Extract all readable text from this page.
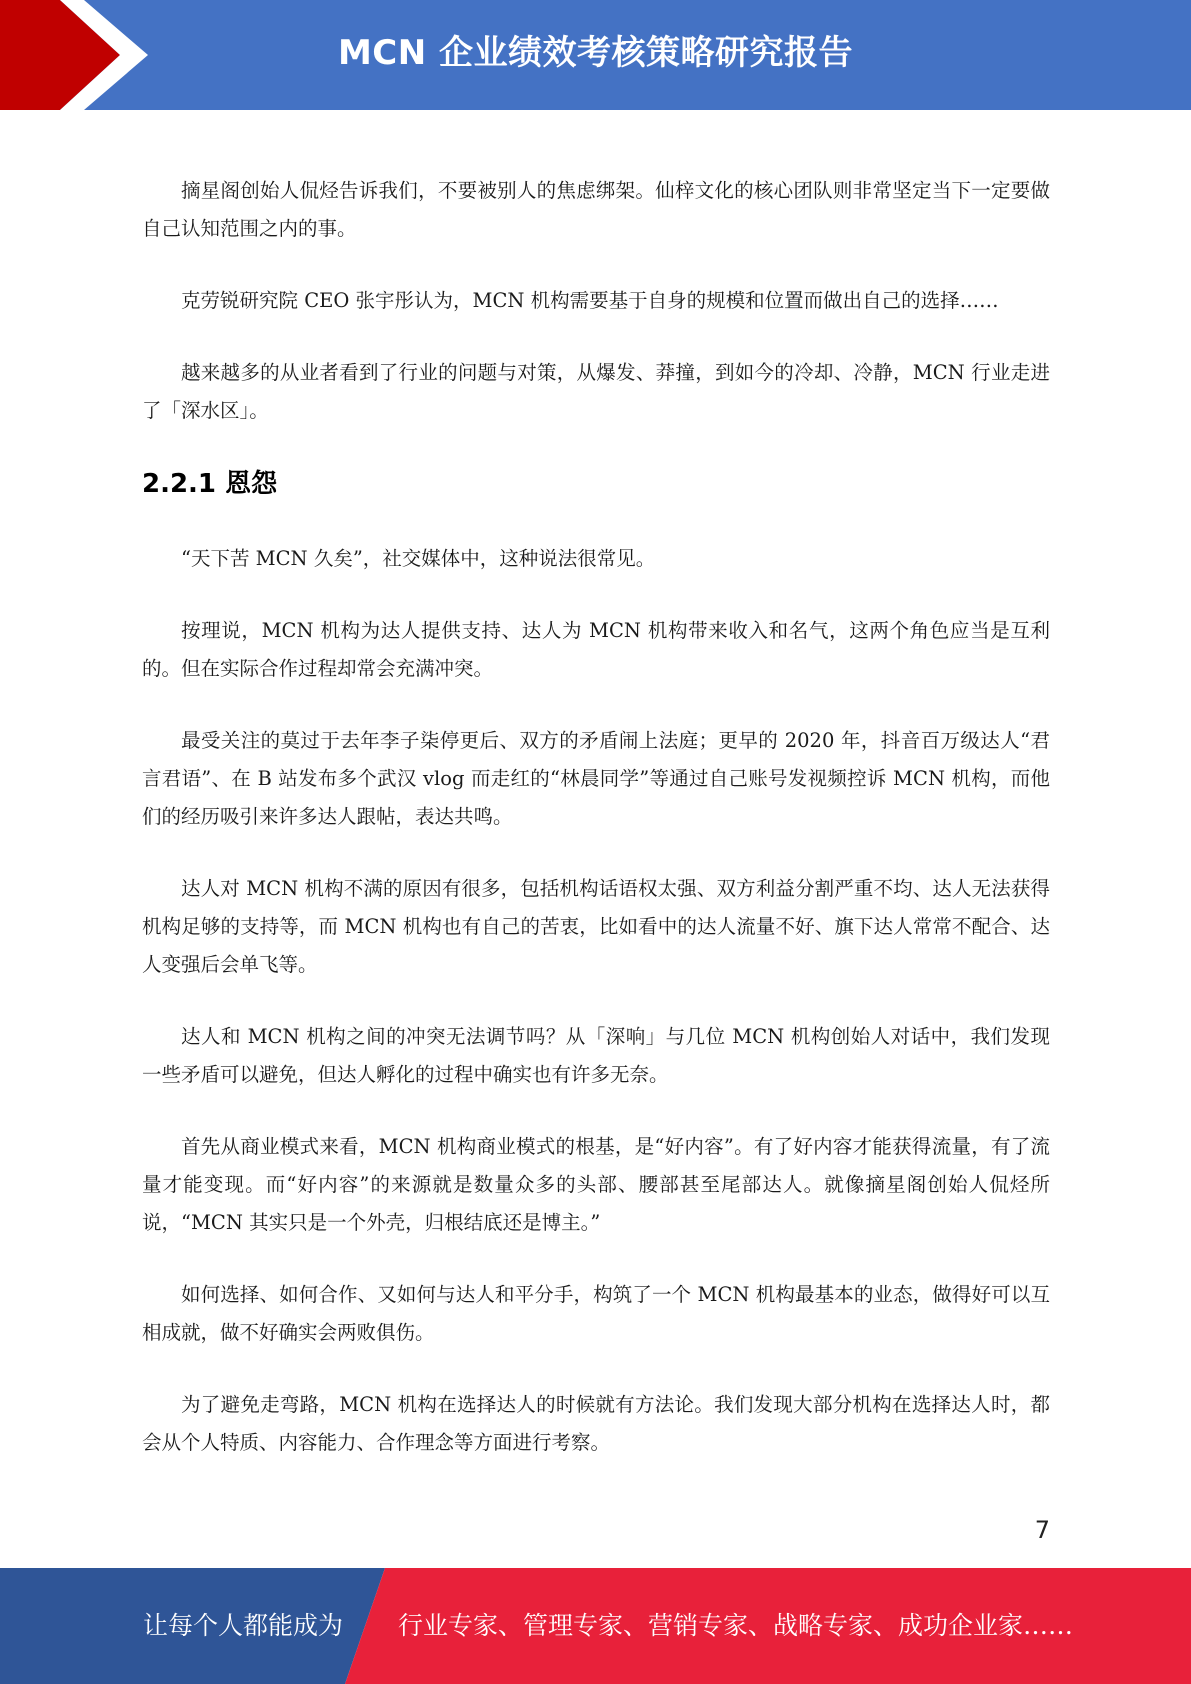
MCN 企业绩效考核策略研究报告

摘星阁创始人侃烃告诉我们，不要被别人的焦虑绑架。仙梓文化的核心团队则非常坚定当下一定要做自己认知范围之内的事。

克劳锐研究院 CEO 张宇彤认为，MCN 机构需要基于自身的规模和位置而做出自己的选择……

越来越多的从业者看到了行业的问题与对策，从爆发、莽撞，到如今的冷却、冷静，MCN 行业走进了「深水区」。

2.2.1 恩怨

“天下苦 MCN 久矣”，社交媒体中，这种说法很常见。

按理说，MCN 机构为达人提供支持、达人为 MCN 机构带来收入和名气，这两个角色应当是互利的。但在实际合作过程却常会充满冲突。

最受关注的莫过于去年李子柒停更后、双方的矛盾闹上法庭；更早的 2020 年，抖音百万级达人“君言君语”、在 B 站发布多个武汉 vlog 而走红的“林晨同学”等通过自己账号发视频控诉 MCN 机构，而他们的经历吸引来许多达人跟帖，表达共鸣。

达人对 MCN 机构不满的原因有很多，包括机构话语权太强、双方利益分割严重不均、达人无法获得机构足够的支持等，而 MCN 机构也有自己的苦衷，比如看中的达人流量不好、旗下达人常常不配合、达人变强后会单飞等。

达人和 MCN 机构之间的冲突无法调节吗？从「深响」与几位 MCN 机构创始人对话中，我们发现一些矛盾可以避免，但达人孵化的过程中确实也有许多无奈。

首先从商业模式来看，MCN 机构商业模式的根基，是“好内容”。有了好内容才能获得流量，有了流量才能变现。而“好内容”的来源就是数量众多的头部、腰部甚至尾部达人。就像摘星阁创始人侃烃所说，“MCN 其实只是一个外壳，归根结底还是博主。”

如何选择、如何合作、又如何与达人和平分手，构筑了一个 MCN 机构最基本的业态，做得好可以互相成就，做不好确实会两败俱伤。

为了避免走弯路，MCN 机构在选择达人的时候就有方法论。我们发现大部分机构在选择达人时，都会从个人特质、内容能力、合作理念等方面进行考察。

7
让每个人都能成为 行业专家、管理专家、营销专家、战略专家、成功企业家……
